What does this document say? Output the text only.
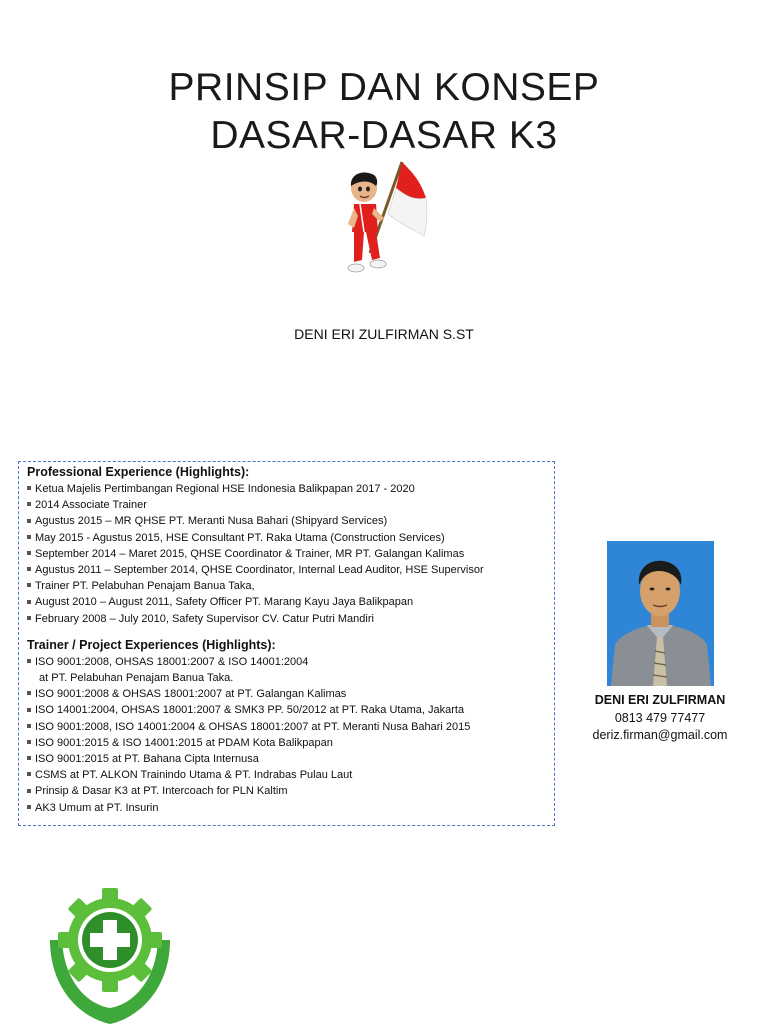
PRINSIP DAN KONSEP
DASAR-DASAR K3
DENI ERI ZULFIRMAN S.ST
Professional Experience (Highlights):
Ketua Majelis Pertimbangan Regional HSE Indonesia Balikpapan 2017 - 2020
2014 Associate Trainer
Agustus 2015 – MR QHSE PT. Meranti Nusa Bahari (Shipyard Services)
May 2015 - Agustus 2015, HSE Consultant PT. Raka Utama (Construction Services)
September 2014 – Maret 2015, QHSE Coordinator & Trainer, MR PT. Galangan Kalimas
Agustus 2011 – September 2014, QHSE Coordinator, Internal Lead Auditor, HSE Supervisor
Trainer PT. Pelabuhan Penajam Banua Taka,
August 2010 – August 2011, Safety Officer PT. Marang Kayu Jaya Balikpapan
February 2008 – July 2010, Safety Supervisor CV. Catur Putri Mandiri
Trainer / Project Experiences (Highlights):
ISO 9001:2008, OHSAS 18001:2007 & ISO 14001:2004
at PT. Pelabuhan Penajam Banua Taka.
ISO 9001:2008 & OHSAS 18001:2007 at PT. Galangan Kalimas
ISO 14001:2004, OHSAS 18001:2007 & SMK3 PP. 50/2012 at PT. Raka Utama, Jakarta
ISO 9001:2008, ISO 14001:2004 & OHSAS 18001:2007 at PT. Meranti Nusa Bahari 2015
ISO 9001:2015 & ISO 14001:2015 at PDAM Kota Balikpapan
ISO 9001:2015 at PT. Bahana Cipta Internusa
CSMS at PT. ALKON Trainindo Utama & PT. Indrabas Pulau Laut
Prinsip & Dasar K3 at PT. Intercoach for PLN Kaltim
AK3 Umum at PT. Insurin
DENI ERI ZULFIRMAN
0813 479 77477
deriz.firman@gmail.com
